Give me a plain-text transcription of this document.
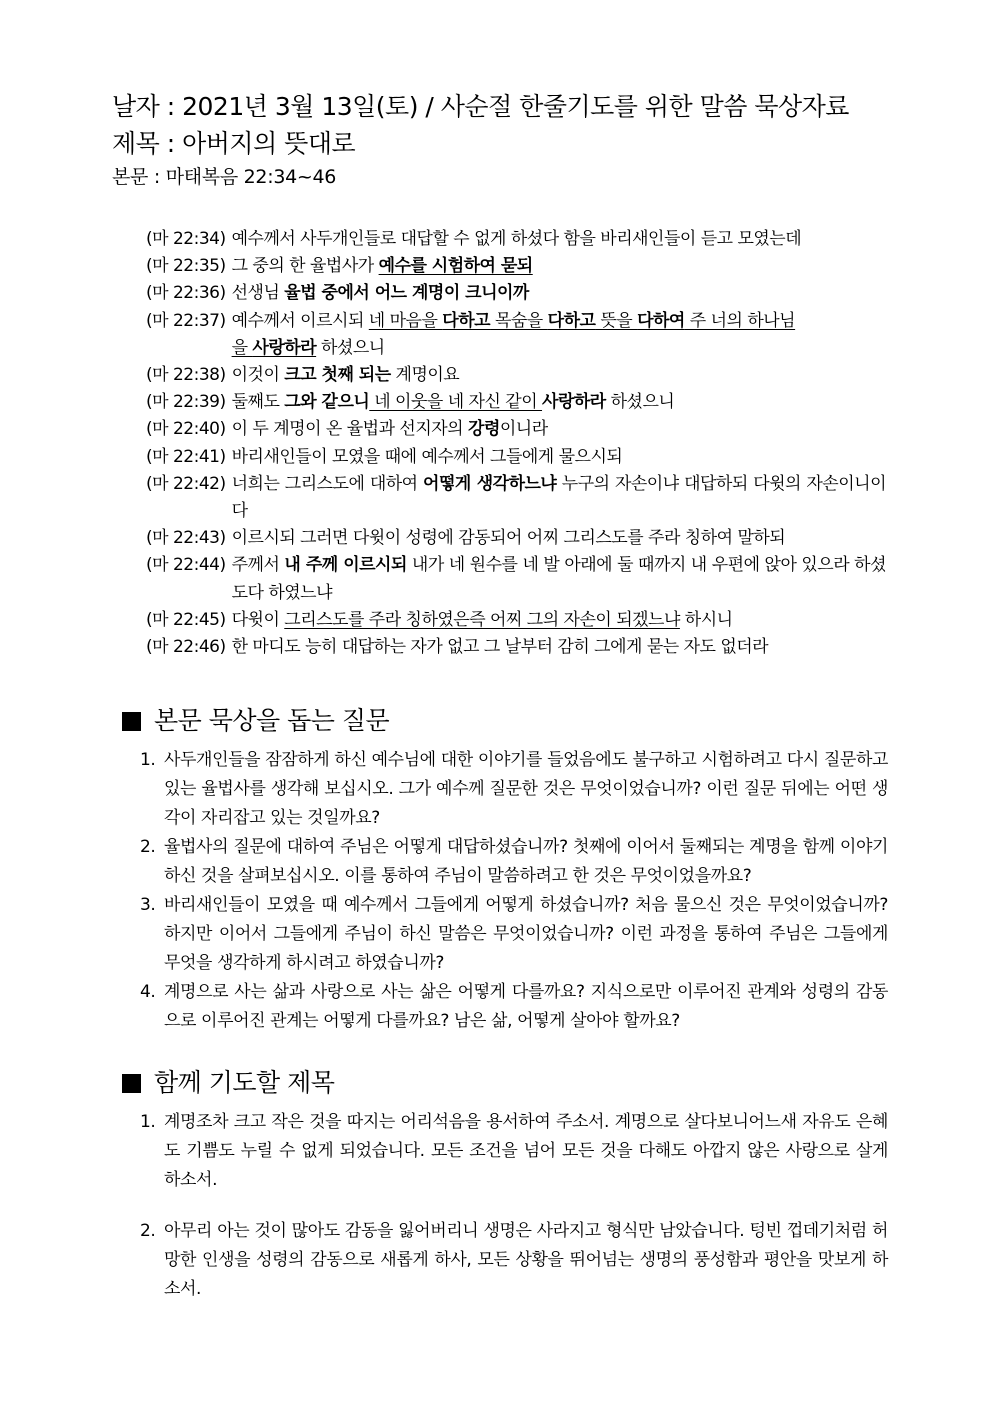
날자 : 2021년 3월 13일(토) / 사순절 한줄기도를 위한 말씀 묵상자료
제목 : 아버지의 뜻대로
본문 : 마태복음 22:34~46
(마 22:34) 예수께서 사두개인들로 대답할 수 없게 하셨다 함을 바리새인들이 듣고 모였는데
(마 22:35) 그 중의 한 율법사가 예수를 시험하여 묻되
(마 22:36) 선생님 율법 중에서 어느 계명이 크니이까
(마 22:37) 예수께서 이르시되 네 마음을 다하고 목숨을 다하고 뜻을 다하여 주 너의 하나님
을 사랑하라 하셨으니
(마 22:38) 이것이 크고 첫째 되는 계명이요
(마 22:39) 둘째도 그와 같으니 네 이웃을 네 자신 같이 사랑하라 하셨으니
(마 22:40) 이 두 계명이 온 율법과 선지자의 강령이니라
(마 22:41) 바리새인들이 모였을 때에 예수께서 그들에게 물으시되
(마 22:42) 너희는 그리스도에 대하여 어떻게 생각하느냐 누구의 자손이냐 대답하되 다윗의 자손이니이다
(마 22:43) 이르시되 그러면 다윗이 성령에 감동되어 어찌 그리스도를 주라 칭하여 말하되
(마 22:44) 주께서 내 주께 이르시되 내가 네 원수를 네 발 아래에 둘 때까지 내 우편에 앉아 있으라 하셨도다 하였느냐
(마 22:45) 다윗이 그리스도를 주라 칭하였은즉 어찌 그의 자손이 되겠느냐 하시니
(마 22:46) 한 마디도 능히 대답하는 자가 없고 그 날부터 감히 그에게 묻는 자도 없더라
본문 묵상을 돕는 질문
1. 사두개인들을 잠잠하게 하신 예수님에 대한 이야기를 들었음에도 불구하고 시험하려고 다시 질문하고 있는 율법사를 생각해 보십시오. 그가 예수께 질문한 것은 무엇이었습니까? 이런 질문 뒤에는 어떤 생각이 자리잡고 있는 것일까요?
2. 율법사의 질문에 대하여 주님은 어떻게 대답하셨습니까? 첫째에 이어서 둘째되는 계명을 함께 이야기하신 것을 살펴보십시오. 이를 통하여 주님이 말씀하려고 한 것은 무엇이었을까요?
3. 바리새인들이 모였을 때 예수께서 그들에게 어떻게 하셨습니까? 처음 물으신 것은 무엇이었습니까? 하지만 이어서 그들에게 주님이 하신 말씀은 무엇이었습니까? 이런 과정을 통하여 주님은 그들에게 무엇을 생각하게 하시려고 하였습니까?
4. 계명으로 사는 삶과 사랑으로 사는 삶은 어떻게 다를까요? 지식으로만 이루어진 관계와 성령의 감동으로 이루어진 관계는 어떻게 다를까요? 남은 삶, 어떻게 살아야 할까요?
함께 기도할 제목
1. 계명조차 크고 작은 것을 따지는 어리석음을 용서하여 주소서. 계명으로 살다보니어느새 자유도 은혜도 기쁨도 누릴 수 없게 되었습니다. 모든 조건을 넘어 모든 것을 다해도 아깝지 않은 사랑으로 살게 하소서.
2. 아무리 아는 것이 많아도 감동을 잃어버리니 생명은 사라지고 형식만 남았습니다. 텅빈 껍데기처럼 허망한 인생을 성령의 감동으로 새롭게 하사, 모든 상황을 뛰어넘는 생명의 풍성함과 평안을 맛보게 하소서.
